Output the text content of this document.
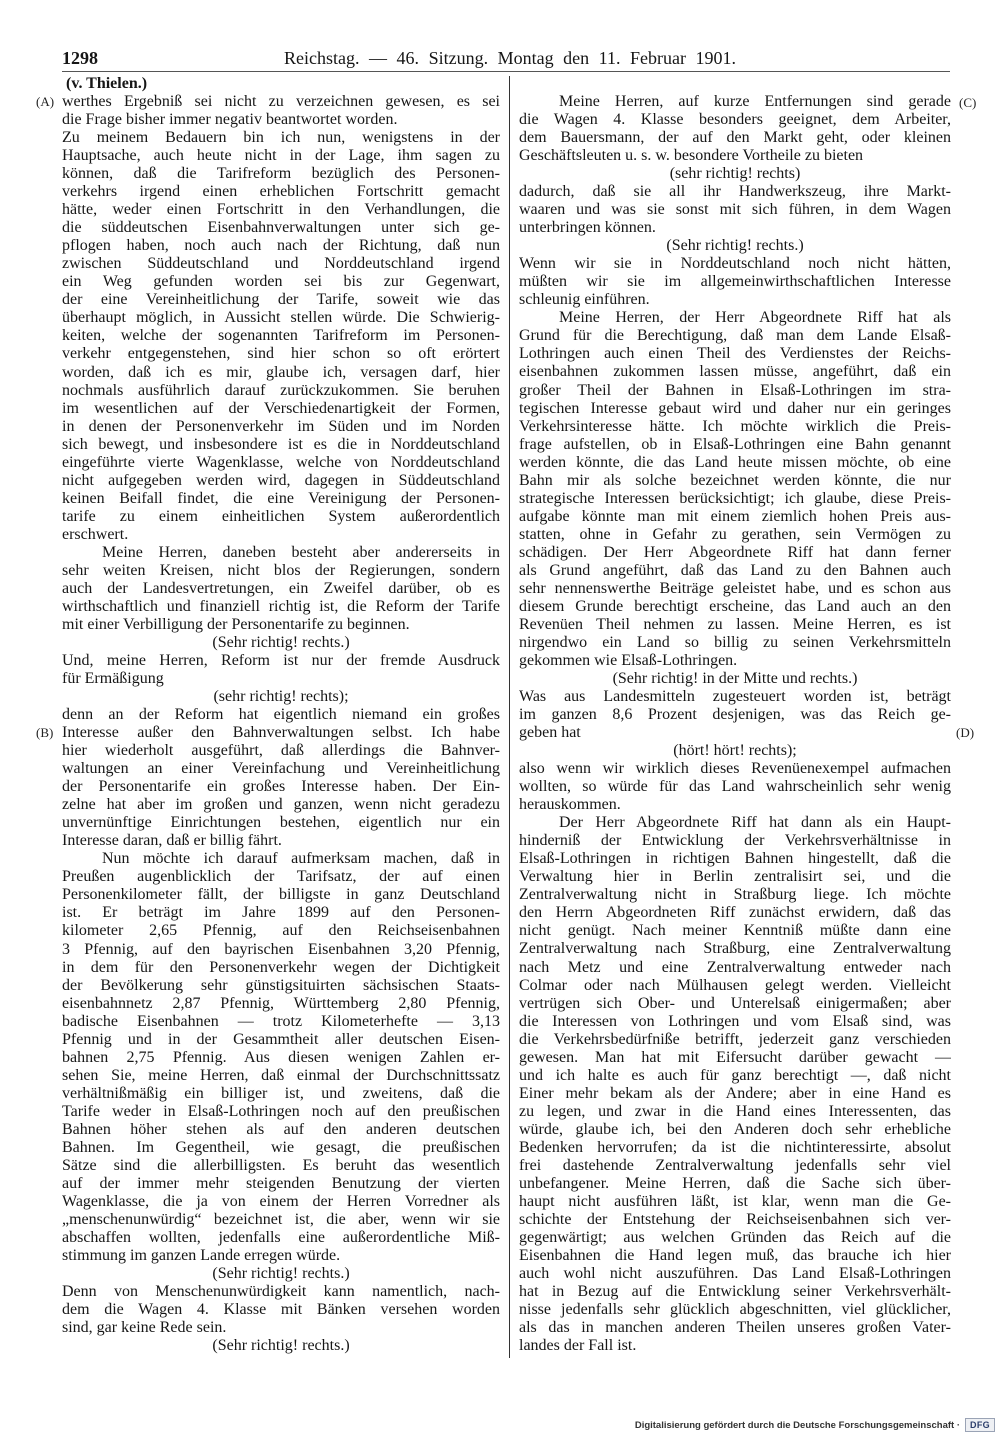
1298	Reichstag. — 46. Sitzung. Montag den 11. Februar 1901.
(A)
(B)
(C)
(D)
(v. Thielen.)
werthes Ergebniß sei nicht zu verzeichnen gewesen, es sei
die Frage bisher immer negativ beantwortet worden.
Zu meinem Bedauern bin ich nun, wenigstens in der
Hauptsache, auch heute nicht in der Lage, ihm sagen zu
können, daß die Tarifreform bezüglich des Personen-
verkehrs irgend einen erheblichen Fortschritt gemacht
hätte, weder einen Fortschritt in den Verhandlungen, die
die süddeutschen Eisenbahnverwaltungen unter sich ge-
pflogen haben, noch auch nach der Richtung, daß nun
zwischen Süddeutschland und Norddeutschland irgend
ein Weg gefunden worden sei bis zur Gegenwart,
der eine Vereinheitlichung der Tarife, soweit wie das
überhaupt möglich, in Aussicht stellen würde. Die Schwierig-
keiten, welche der sogenannten Tarifreform im Personen-
verkehr entgegenstehen, sind hier schon so oft erörtert
worden, daß ich es mir, glaube ich, versagen darf, hier
nochmals ausführlich darauf zurückzukommen. Sie beruhen
im wesentlichen auf der Verschiedenartigkeit der Formen,
in denen der Personenverkehr im Süden und im Norden
sich bewegt, und insbesondere ist es die in Norddeutschland
eingeführte vierte Wagenklasse, welche von Norddeutschland
nicht aufgegeben werden wird, dagegen in Süddeutschland
keinen Beifall findet, die eine Vereinigung der Personen-
tarife zu einem einheitlichen System außerordentlich
erschwert.
Meine Herren, daneben besteht aber andererseits in
sehr weiten Kreisen, nicht blos der Regierungen, sondern
auch der Landesvertretungen, ein Zweifel darüber, ob es
wirthschaftlich und finanziell richtig ist, die Reform der Tarife
mit einer Verbilligung der Personentarife zu beginnen.
(Sehr richtig! rechts.)
Und, meine Herren, Reform ist nur der fremde Ausdruck
für Ermäßigung
(sehr richtig! rechts);
denn an der Reform hat eigentlich niemand ein großes
Interesse außer den Bahnverwaltungen selbst. Ich habe
hier wiederholt ausgeführt, daß allerdings die Bahnver-
waltungen an einer Vereinfachung und Vereinheitlichung
der Personentarife ein großes Interesse haben. Der Ein-
zelne hat aber im großen und ganzen, wenn nicht geradezu
unvernünftige Einrichtungen bestehen, eigentlich nur ein
Interesse daran, daß er billig fährt.
Nun möchte ich darauf aufmerksam machen, daß in
Preußen augenblicklich der Tarifsatz, der auf einen
Personenkilometer fällt, der billigste in ganz Deutschland
ist. Er beträgt im Jahre 1899 auf den Personen-
kilometer 2,65 Pfennig, auf den Reichseisenbahnen
3 Pfennig, auf den bayrischen Eisenbahnen 3,20 Pfennig,
in dem für den Personenverkehr wegen der Dichtigkeit
der Bevölkerung sehr günstigsituirten sächsischen Staats-
eisenbahnnetz 2,87 Pfennig, Württemberg 2,80 Pfennig,
badische Eisenbahnen — trotz Kilometerhefte — 3,13
Pfennig und in der Gesammtheit aller deutschen Eisen-
bahnen 2,75 Pfennig. Aus diesen wenigen Zahlen er-
sehen Sie, meine Herren, daß einmal der Durchschnittssatz
verhältnißmäßig ein billiger ist, und zweitens, daß die
Tarife weder in Elsaß-Lothringen noch auf den preußischen
Bahnen höher stehen als auf den anderen deutschen
Bahnen. Im Gegentheil, wie gesagt, die preußischen
Sätze sind die allerbilligsten. Es beruht das wesentlich
auf der immer mehr steigenden Benutzung der vierten
Wagenklasse, die ja von einem der Herren Vorredner als
„menschenunwürdig“ bezeichnet ist, die aber, wenn wir sie
abschaffen wollten, jedenfalls eine außerordentliche Miß-
stimmung im ganzen Lande erregen würde.
(Sehr richtig! rechts.)
Denn von Menschenunwürdigkeit kann namentlich, nach-
dem die Wagen 4. Klasse mit Bänken versehen worden
sind, gar keine Rede sein.
(Sehr richtig! rechts.)
Meine Herren, auf kurze Entfernungen sind gerade
die Wagen 4. Klasse besonders geeignet, dem Arbeiter,
dem Bauersmann, der auf den Markt geht, oder kleinen
Geschäftsleuten u. s. w. besondere Vortheile zu bieten
(sehr richtig! rechts)
dadurch, daß sie all ihr Handwerkszeug, ihre Markt-
waaren und was sie sonst mit sich führen, in dem Wagen
unterbringen können.
(Sehr richtig! rechts.)
Wenn wir sie in Norddeutschland noch nicht hätten,
müßten wir sie im allgemeinwirthschaftlichen Interesse
schleunig einführen.
Meine Herren, der Herr Abgeordnete Riff hat als
Grund für die Berechtigung, daß man dem Lande Elsaß-
Lothringen auch einen Theil des Verdienstes der Reichs-
eisenbahnen zukommen lassen müsse, angeführt, daß ein
großer Theil der Bahnen in Elsaß-Lothringen im stra-
tegischen Interesse gebaut wird und daher nur ein geringes
Verkehrsinteresse hätte. Ich möchte wirklich die Preis-
frage aufstellen, ob in Elsaß-Lothringen eine Bahn genannt
werden könnte, die das Land heute missen möchte, ob eine
Bahn mir als solche bezeichnet werden könnte, die nur
strategische Interessen berücksichtigt; ich glaube, diese Preis-
aufgabe könnte man mit einem ziemlich hohen Preis aus-
statten, ohne in Gefahr zu gerathen, sein Vermögen zu
schädigen. Der Herr Abgeordnete Riff hat dann ferner
als Grund angeführt, daß das Land zu den Bahnen auch
sehr nennenswerthe Beiträge geleistet habe, und es schon aus
diesem Grunde berechtigt erscheine, das Land auch an den
Revenüen Theil nehmen zu lassen. Meine Herren, es ist
nirgendwo ein Land so billig zu seinen Verkehrsmitteln
gekommen wie Elsaß-Lothringen.
(Sehr richtig! in der Mitte und rechts.)
Was aus Landesmitteln zugesteuert worden ist, beträgt
im ganzen 8,6 Prozent desjenigen, was das Reich ge-
geben hat
(hört! hört! rechts);
also wenn wir wirklich dieses Revenüenexempel aufmachen
wollten, so würde für das Land wahrscheinlich sehr wenig
herauskommen.
Der Herr Abgeordnete Riff hat dann als ein Haupt-
hinderniß der Entwicklung der Verkehrsverhältnisse in
Elsaß-Lothringen in richtigen Bahnen hingestellt, daß die
Verwaltung hier in Berlin zentralisirt sei, und die
Zentralverwaltung nicht in Straßburg liege. Ich möchte
den Herrn Abgeordneten Riff zunächst erwidern, daß das
nicht genügt. Nach meiner Kenntniß müßte dann eine
Zentralverwaltung nach Straßburg, eine Zentralverwaltung
nach Metz und eine Zentralverwaltung entweder nach
Colmar oder nach Mülhausen gelegt werden. Vielleicht
vertrügen sich Ober- und Unterelsaß einigermaßen; aber
die Interessen von Lothringen und vom Elsaß sind, was
die Verkehrsbedürfniße betrifft, jederzeit ganz verschieden
gewesen. Man hat mit Eifersucht darüber gewacht —
und ich halte es auch für ganz berechtigt —, daß nicht
Einer mehr bekam als der Andere; aber in eine Hand es
zu legen, und zwar in die Hand eines Interessenten, das
würde, glaube ich, bei den Anderen doch sehr erhebliche
Bedenken hervorrufen; da ist die nichtinteressirte, absolut
frei dastehende Zentralverwaltung jedenfalls sehr viel
unbefangener. Meine Herren, daß die Sache sich über-
haupt nicht ausführen läßt, ist klar, wenn man die Ge-
schichte der Entstehung der Reichseisenbahnen sich ver-
gegenwärtigt; aus welchen Gründen das Reich auf die
Eisenbahnen die Hand legen muß, das brauche ich hier
auch wohl nicht auszuführen. Das Land Elsaß-Lothringen
hat in Bezug auf die Entwicklung seiner Verkehrsverhält-
nisse jedenfalls sehr glücklich abgeschnitten, viel glücklicher,
als das in manchen anderen Theilen unseres großen Vater-
landes der Fall ist.
Digitalisierung gefördert durch die Deutsche Forschungsgemeinschaft ·	DFG
